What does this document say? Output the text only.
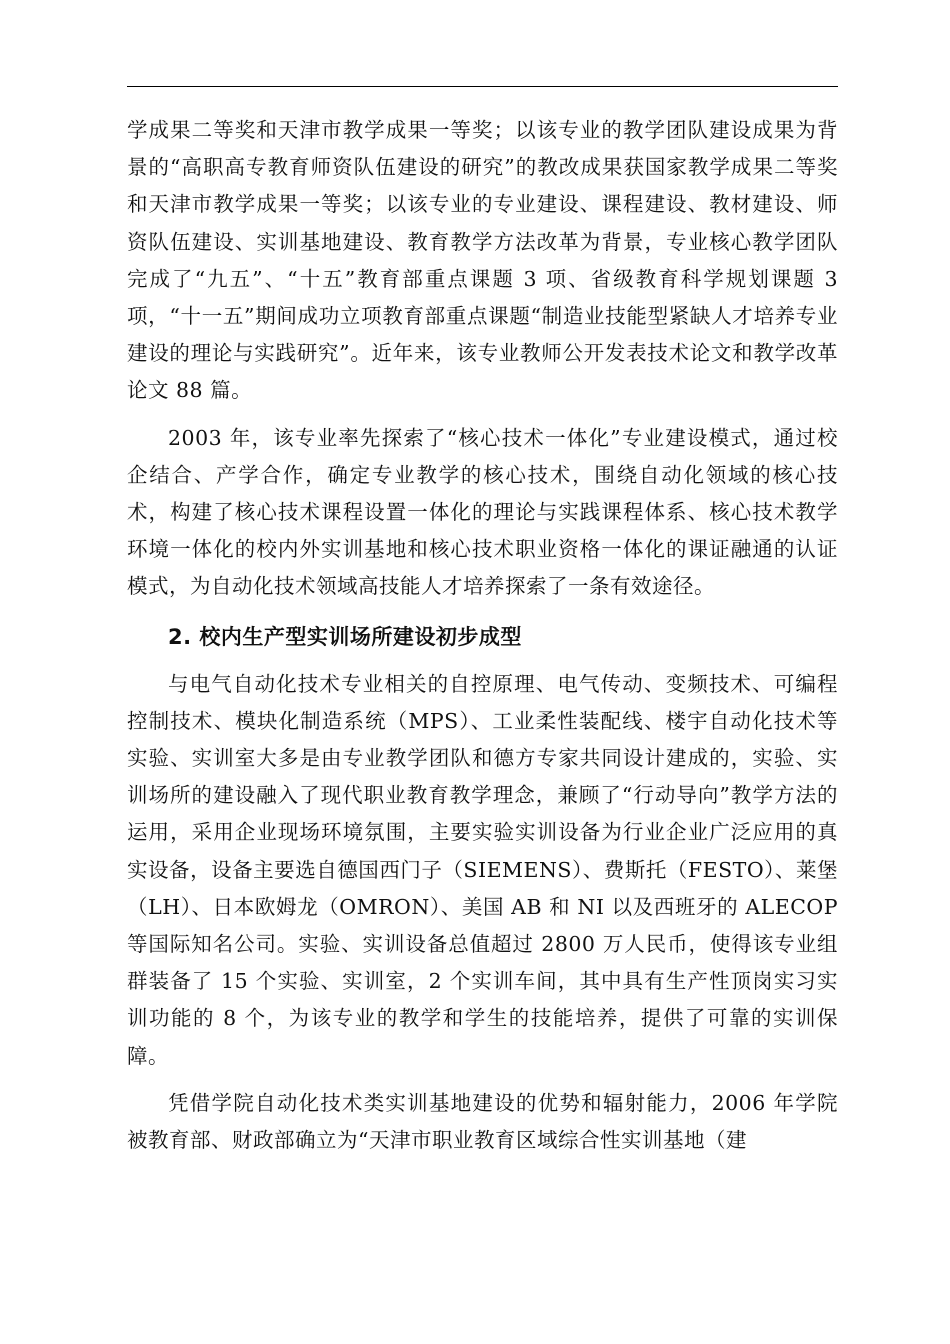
学成果二等奖和天津市教学成果一等奖；以该专业的教学团队建设成果为背景的“高职高专教育师资队伍建设的研究”的教改成果获国家教学成果二等奖和天津市教学成果一等奖；以该专业的专业建设、课程建设、教材建设、师资队伍建设、实训基地建设、教育教学方法改革为背景，专业核心教学团队完成了“九五”、“十五”教育部重点课题 3 项、省级教育科学规划课题 3 项，“十一五”期间成功立项教育部重点课题“制造业技能型紧缺人才培养专业建设的理论与实践研究”。近年来，该专业教师公开发表技术论文和教学改革论文 88 篇。

2003 年，该专业率先探索了“核心技术一体化”专业建设模式，通过校企结合、产学合作，确定专业教学的核心技术，围绕自动化领域的核心技术，构建了核心技术课程设置一体化的理论与实践课程体系、核心技术教学环境一体化的校内外实训基地和核心技术职业资格一体化的课证融通的认证模式，为自动化技术领域高技能人才培养探索了一条有效途径。

2. 校内生产型实训场所建设初步成型

与电气自动化技术专业相关的自控原理、电气传动、变频技术、可编程控制技术、模块化制造系统（MPS）、工业柔性装配线、楼宇自动化技术等实验、实训室大多是由专业教学团队和德方专家共同设计建成的，实验、实训场所的建设融入了现代职业教育教学理念，兼顾了“行动导向”教学方法的运用，采用企业现场环境氛围，主要实验实训设备为行业企业广泛应用的真实设备，设备主要选自德国西门子（SIEMENS）、费斯托（FESTO）、莱堡（LH）、日本欧姆龙（OMRON）、美国 AB 和 NI 以及西班牙的 ALECOP 等国际知名公司。实验、实训设备总值超过 2800 万人民币，使得该专业组群装备了 15 个实验、实训室，2 个实训车间，其中具有生产性顶岗实习实训功能的 8 个，为该专业的教学和学生的技能培养，提供了可靠的实训保障。

凭借学院自动化技术类实训基地建设的优势和辐射能力，2006 年学院被教育部、财政部确立为“天津市职业教育区域综合性实训基地（建
